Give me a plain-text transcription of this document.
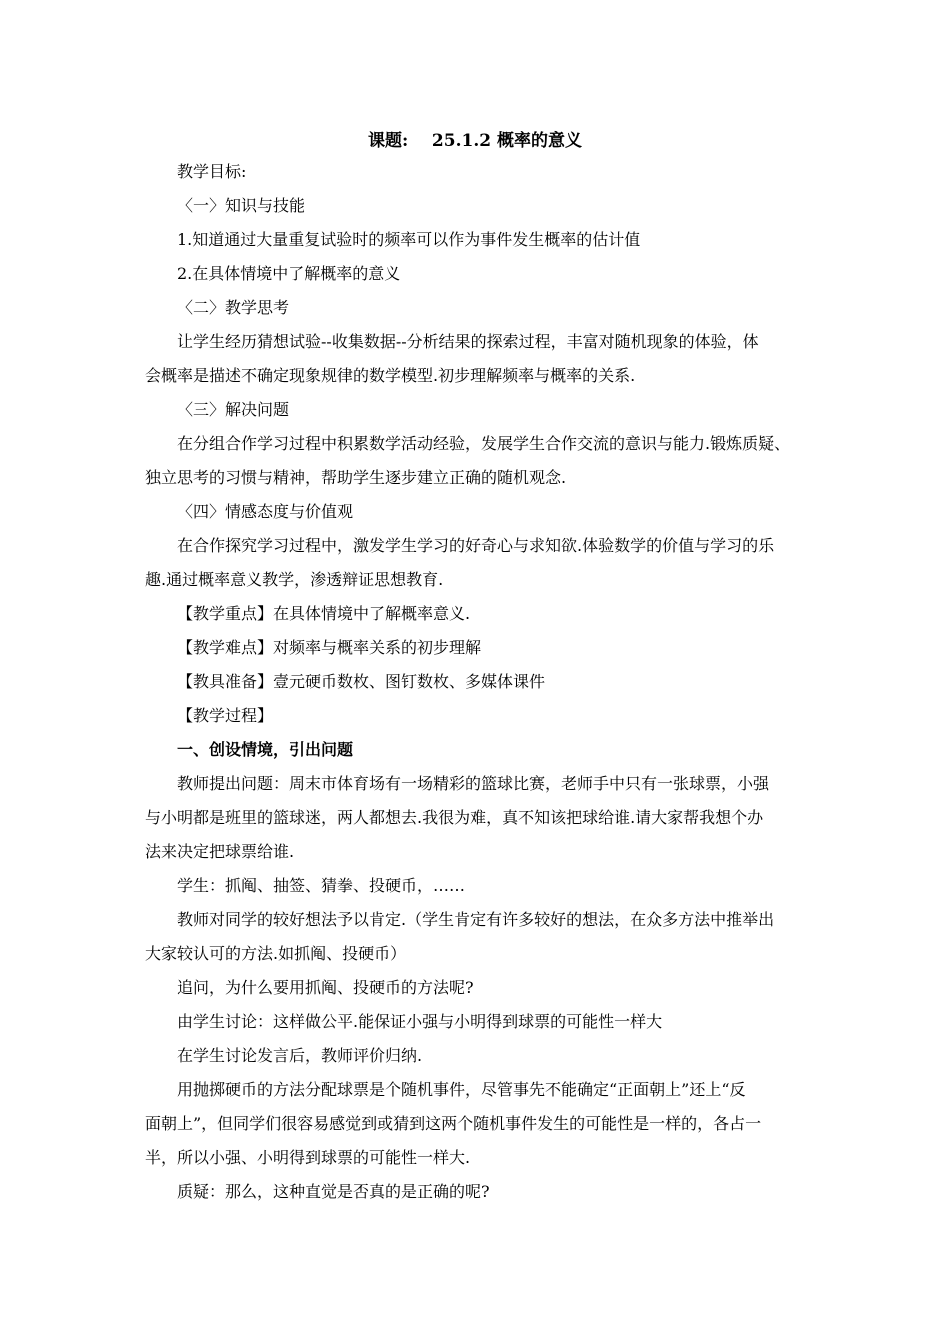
课题:    25.1.2 概率的意义
教学目标:
〈一〉知识与技能
1.知道通过大量重复试验时的频率可以作为事件发生概率的估计值
2.在具体情境中了解概率的意义
〈二〉教学思考
让学生经历猜想试验--收集数据--分析结果的探索过程，丰富对随机现象的体验，体
会概率是描述不确定现象规律的数学模型.初步理解频率与概率的关系.
〈三〉解决问题
在分组合作学习过程中积累数学活动经验，发展学生合作交流的意识与能力.锻炼质疑、
独立思考的习惯与精神，帮助学生逐步建立正确的随机观念.
〈四〉情感态度与价值观
在合作探究学习过程中，激发学生学习的好奇心与求知欲.体验数学的价值与学习的乐
趣.通过概率意义教学，渗透辩证思想教育.
【教学重点】在具体情境中了解概率意义.
【教学难点】对频率与概率关系的初步理解
【教具准备】壹元硬币数枚、图钉数枚、多媒体课件
【教学过程】
一、创设情境，引出问题
教师提出问题：周末市体育场有一场精彩的篮球比赛，老师手中只有一张球票，小强
与小明都是班里的篮球迷，两人都想去.我很为难，真不知该把球给谁.请大家帮我想个办
法来决定把球票给谁.
学生：抓阄、抽签、猜拳、投硬币，……
教师对同学的较好想法予以肯定.（学生肯定有许多较好的想法，在众多方法中推举出
大家较认可的方法.如抓阄、投硬币）
追问，为什么要用抓阄、投硬币的方法呢?
由学生讨论：这样做公平.能保证小强与小明得到球票的可能性一样大
在学生讨论发言后，教师评价归纳.
用抛掷硬币的方法分配球票是个随机事件，尽管事先不能确定“正面朝上”还上“反
面朝上”，但同学们很容易感觉到或猜到这两个随机事件发生的可能性是一样的，各占一
半，所以小强、小明得到球票的可能性一样大.
质疑：那么，这种直觉是否真的是正确的呢?
